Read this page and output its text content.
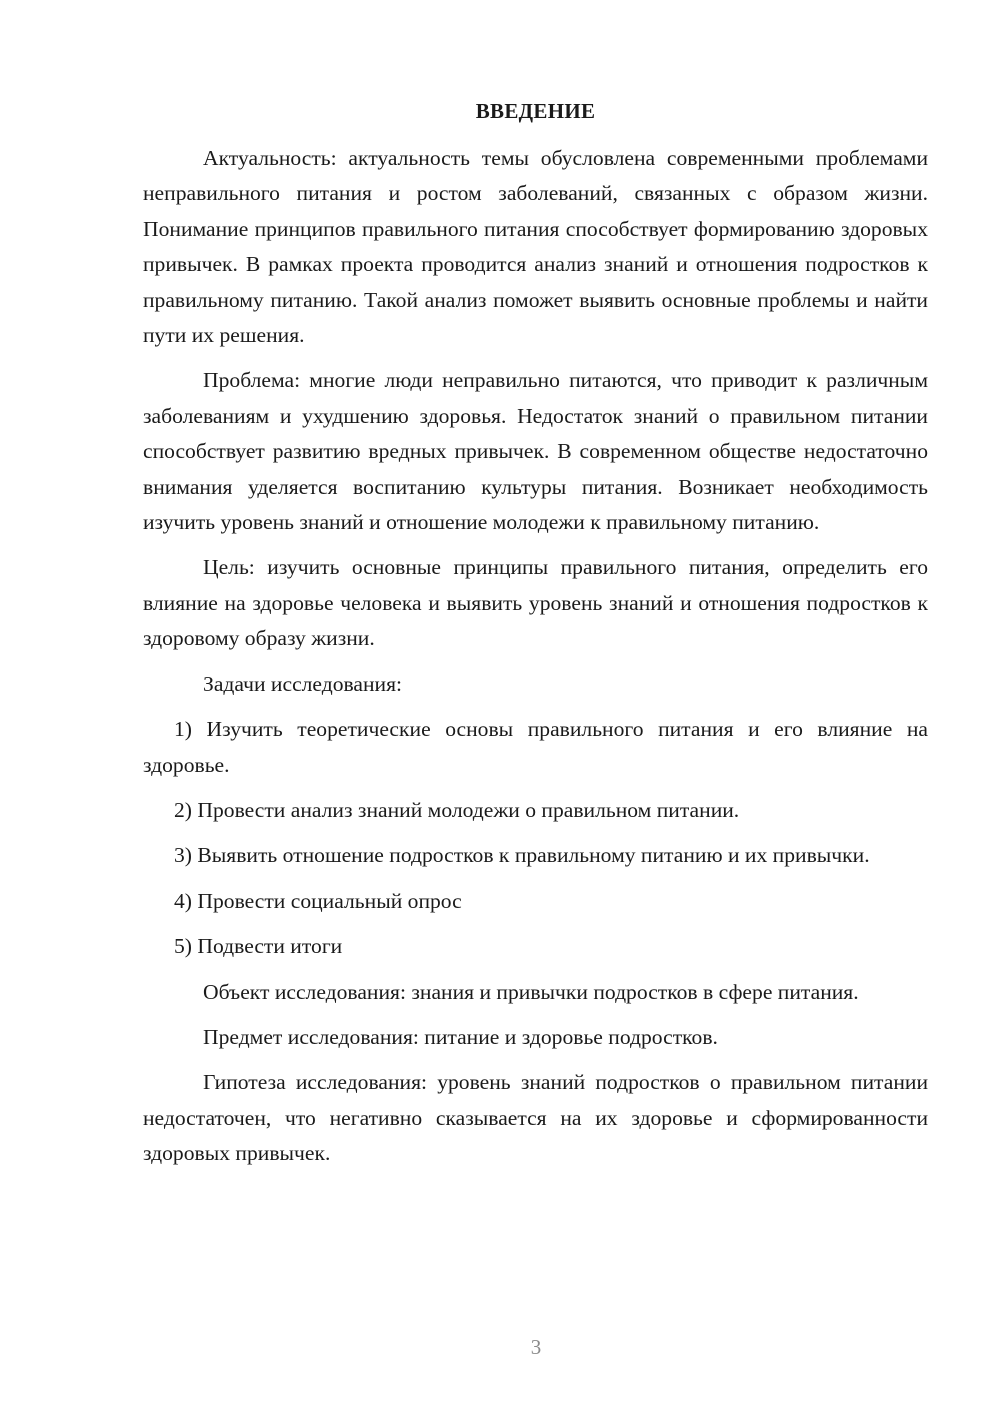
ВВЕДЕНИЕ

Актуальность: актуальность темы обусловлена современными проблемами неправильного питания и ростом заболеваний, связанных с образом жизни. Понимание принципов правильного питания способствует формированию здоровых привычек. В рамках проекта проводится анализ знаний и отношения подростков к правильному питанию. Такой анализ поможет выявить основные проблемы и найти пути их решения.

Проблема: многие люди неправильно питаются, что приводит к различным заболеваниям и ухудшению здоровья. Недостаток знаний о правильном питании способствует развитию вредных привычек. В современном обществе недостаточно внимания уделяется воспитанию культуры питания. Возникает необходимость изучить уровень знаний и отношение молодежи к правильному питанию.

Цель: изучить основные принципы правильного питания, определить его влияние на здоровье человека и выявить уровень знаний и отношения подростков к здоровому образу жизни.

Задачи исследования:

1) Изучить теоретические основы правильного питания и его влияние на здоровье.

2) Провести анализ знаний молодежи о правильном питании.

3) Выявить отношение подростков к правильному питанию и их привычки.

4) Провести социальный опрос

5) Подвести итоги

Объект исследования: знания и привычки подростков в сфере питания.

Предмет исследования: питание и здоровье подростков.

Гипотеза исследования: уровень знаний подростков о правильном питании недостаточен, что негативно сказывается на их здоровье и сформированности здоровых привычек.

3
